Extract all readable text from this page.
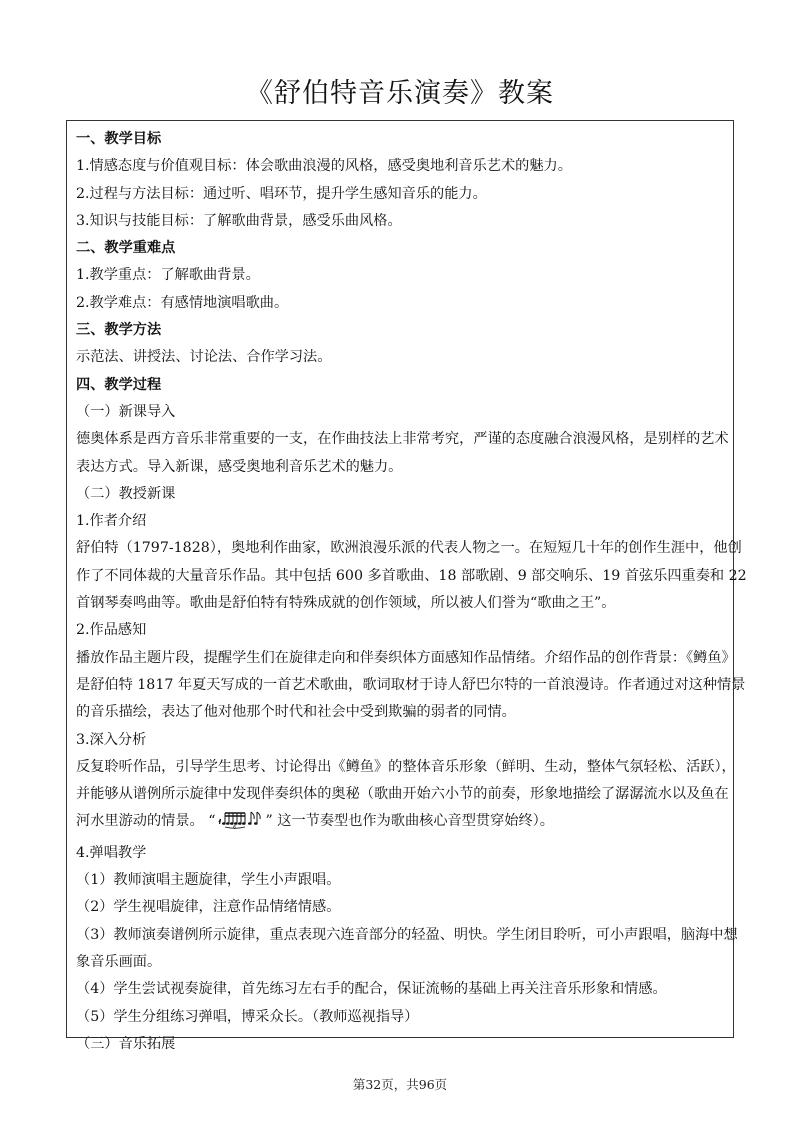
《舒伯特音乐演奏》教案
一、教学目标
1.情感态度与价值观目标：体会歌曲浪漫的风格，感受奥地利音乐艺术的魅力。
2.过程与方法目标：通过听、唱环节，提升学生感知音乐的能力。
3.知识与技能目标：了解歌曲背景，感受乐曲风格。
二、教学重难点
1.教学重点：了解歌曲背景。
2.教学难点：有感情地演唱歌曲。
三、教学方法
示范法、讲授法、讨论法、合作学习法。
四、教学过程
（一）新课导入
德奥体系是西方音乐非常重要的一支，在作曲技法上非常考究，严谨的态度融合浪漫风格，是别样的艺术
表达方式。导入新课，感受奥地利音乐艺术的魅力。
（二）教授新课
1.作者介绍
舒伯特（1797-1828），奥地利作曲家，欧洲浪漫乐派的代表人物之一。在短短几十年的创作生涯中，他创
作了不同体裁的大量音乐作品。其中包括 600 多首歌曲、18 部歌剧、9 部交响乐、19 首弦乐四重奏和 22
首钢琴奏鸣曲等。歌曲是舒伯特有特殊成就的创作领域，所以被人们誉为“歌曲之王”。
2.作品感知
播放作品主题片段，提醒学生们在旋律走向和伴奏织体方面感知作品情绪。介绍作品的创作背景：《鳟鱼》
是舒伯特 1817 年夏天写成的一首艺术歌曲，歌词取材于诗人舒巴尔特的一首浪漫诗。作者通过对这种情景
的音乐描绘，表达了他对他那个时代和社会中受到欺骗的弱者的同情。
3.深入分析
反复聆听作品，引导学生思考、讨论得出《鳟鱼》的整体音乐形象（鲜明、生动，整体气氛轻松、活跃），
并能够从谱例所示旋律中发现伴奏织体的奥秘（歌曲开始六小节的前奏，形象地描绘了潺潺流水以及鱼在
河水里游动的情景。 “	6 ” 这一节奏型也作为歌曲核心音型贯穿始终）。
4.弹唱教学
（1）教师演唱主题旋律，学生小声跟唱。
（2）学生视唱旋律，注意作品情绪情感。
（3）教师演奏谱例所示旋律，重点表现六连音部分的轻盈、明快。学生闭目聆听，可小声跟唱，脑海中想
象音乐画面。
（4）学生尝试视奏旋律，首先练习左右手的配合，保证流畅的基础上再关注音乐形象和情感。
（5）学生分组练习弹唱，博采众长。（教师巡视指导）
（三）音乐拓展
第32页，共96页
